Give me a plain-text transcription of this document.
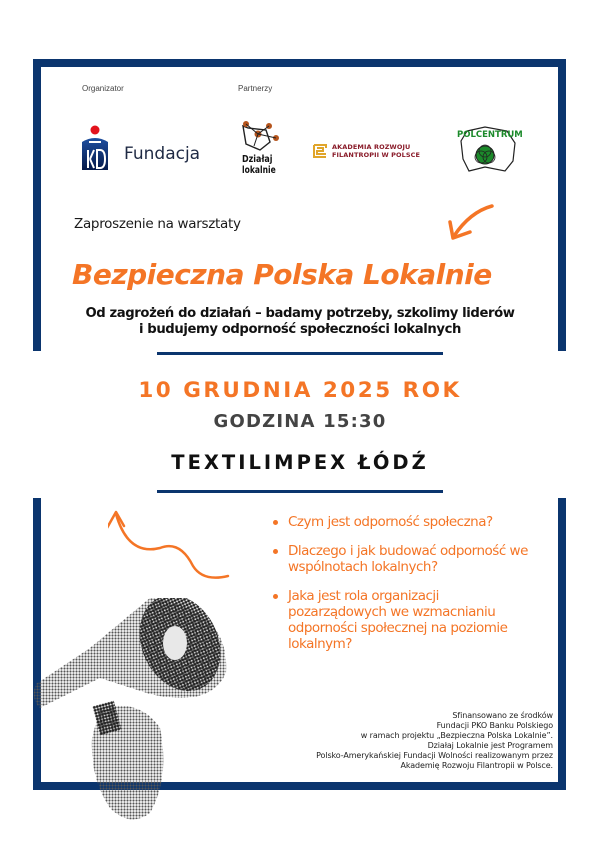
Organizator	Partnerzy
Fundacja	Działaj
lokalnie
AKADEMIA ROZWOJU
FILANTROPII W POLSCE
POLCENTRUM
Zaproszenie na warsztaty
Bezpieczna Polska Lokalnie
Od zagrożeń do działań – badamy potrzeby, szkolimy liderów
i budujemy odporność społeczności lokalnych
10 GRUDNIA 2025 ROK
GODZINA 15:30
TEXTILIMPEX ŁÓDŹ
Czym jest odporność społeczna?
Dlaczego i jak budować odporność we wspólnotach lokalnych?
Jaka jest rola organizacji pozarządowych we wzmacnianiu odporności społecznej na poziomie lokalnym?
Sfinansowano ze środków
Fundacji PKO Banku Polskiego
w ramach projektu „Bezpieczna Polska Lokalnie”.
Działaj Lokalnie jest Programem
Polsko-Amerykańskiej Fundacji Wolności realizowanym przez
Akademię Rozwoju Filantropii w Polsce.
